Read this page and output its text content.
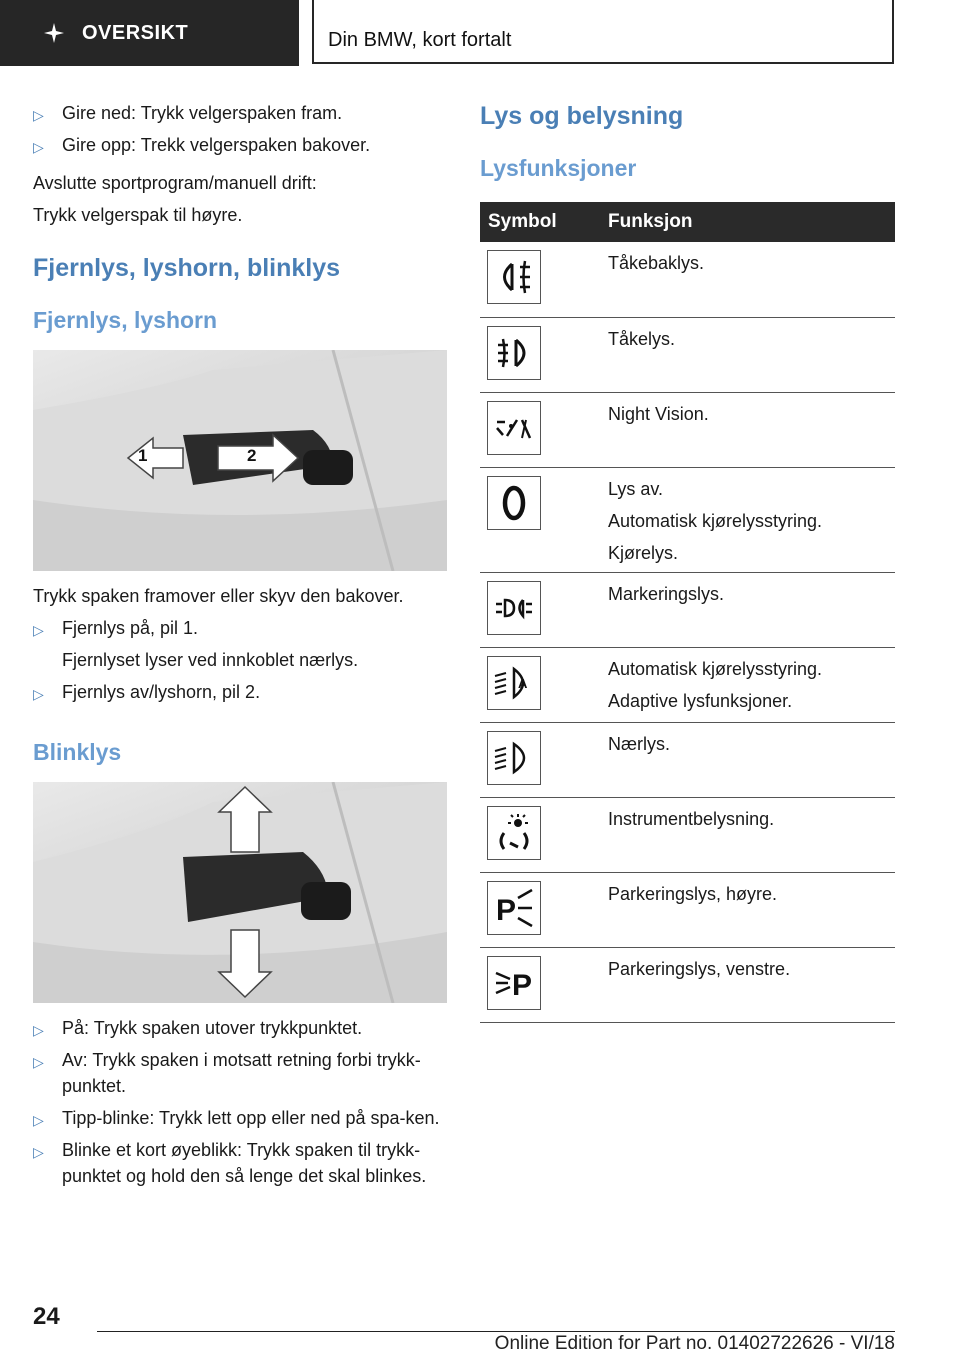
OVERSIKT	Din BMW, kort fortalt
▷ Gire ned: Trykk velgerspaken fram.
▷ Gire opp: Trekk velgerspaken bakover.

Avslutte sportprogram/manuell drift:

Trykk velgerspak til høyre.

Fjernlys, lyshorn, blinklys
Fjernlys, lyshorn
1	2

Trykk spaken framover eller skyv den bakover.

▷ Fjernlys på, pil 1.
Fjernlyset lyser ved innkoblet nærlys.
▷ Fjernlys av/lyshorn, pil 2.
Blinklys
▷ På: Trykk spaken utover trykkpunktet.
▷ Av: Trykk spaken i motsatt retning forbi trykk-punktet.
▷ Tipp-blinke: Trykk lett opp eller ned på spa-ken.
▷ Blinke et kort øyeblikk: Trykk spaken til trykk-punktet og hold den så lenge det skal blinkes.
Lys og belysning
Lysfunksjoner
Symbol	Funksjon

Tåkebaklys.

Tåkelys.

Night Vision.

Lys av.
Automatisk kjørelysstyring.
Kjørelys.

Markeringslys.

A	Automatisk kjørelysstyring.
Adaptive lysfunksjoner.

Nærlys.

Instrumentbelysning.

P	Parkeringslys, høyre.

P	Parkeringslys, venstre.
24
Online Edition for Part no. 01402722626 - VI/18
